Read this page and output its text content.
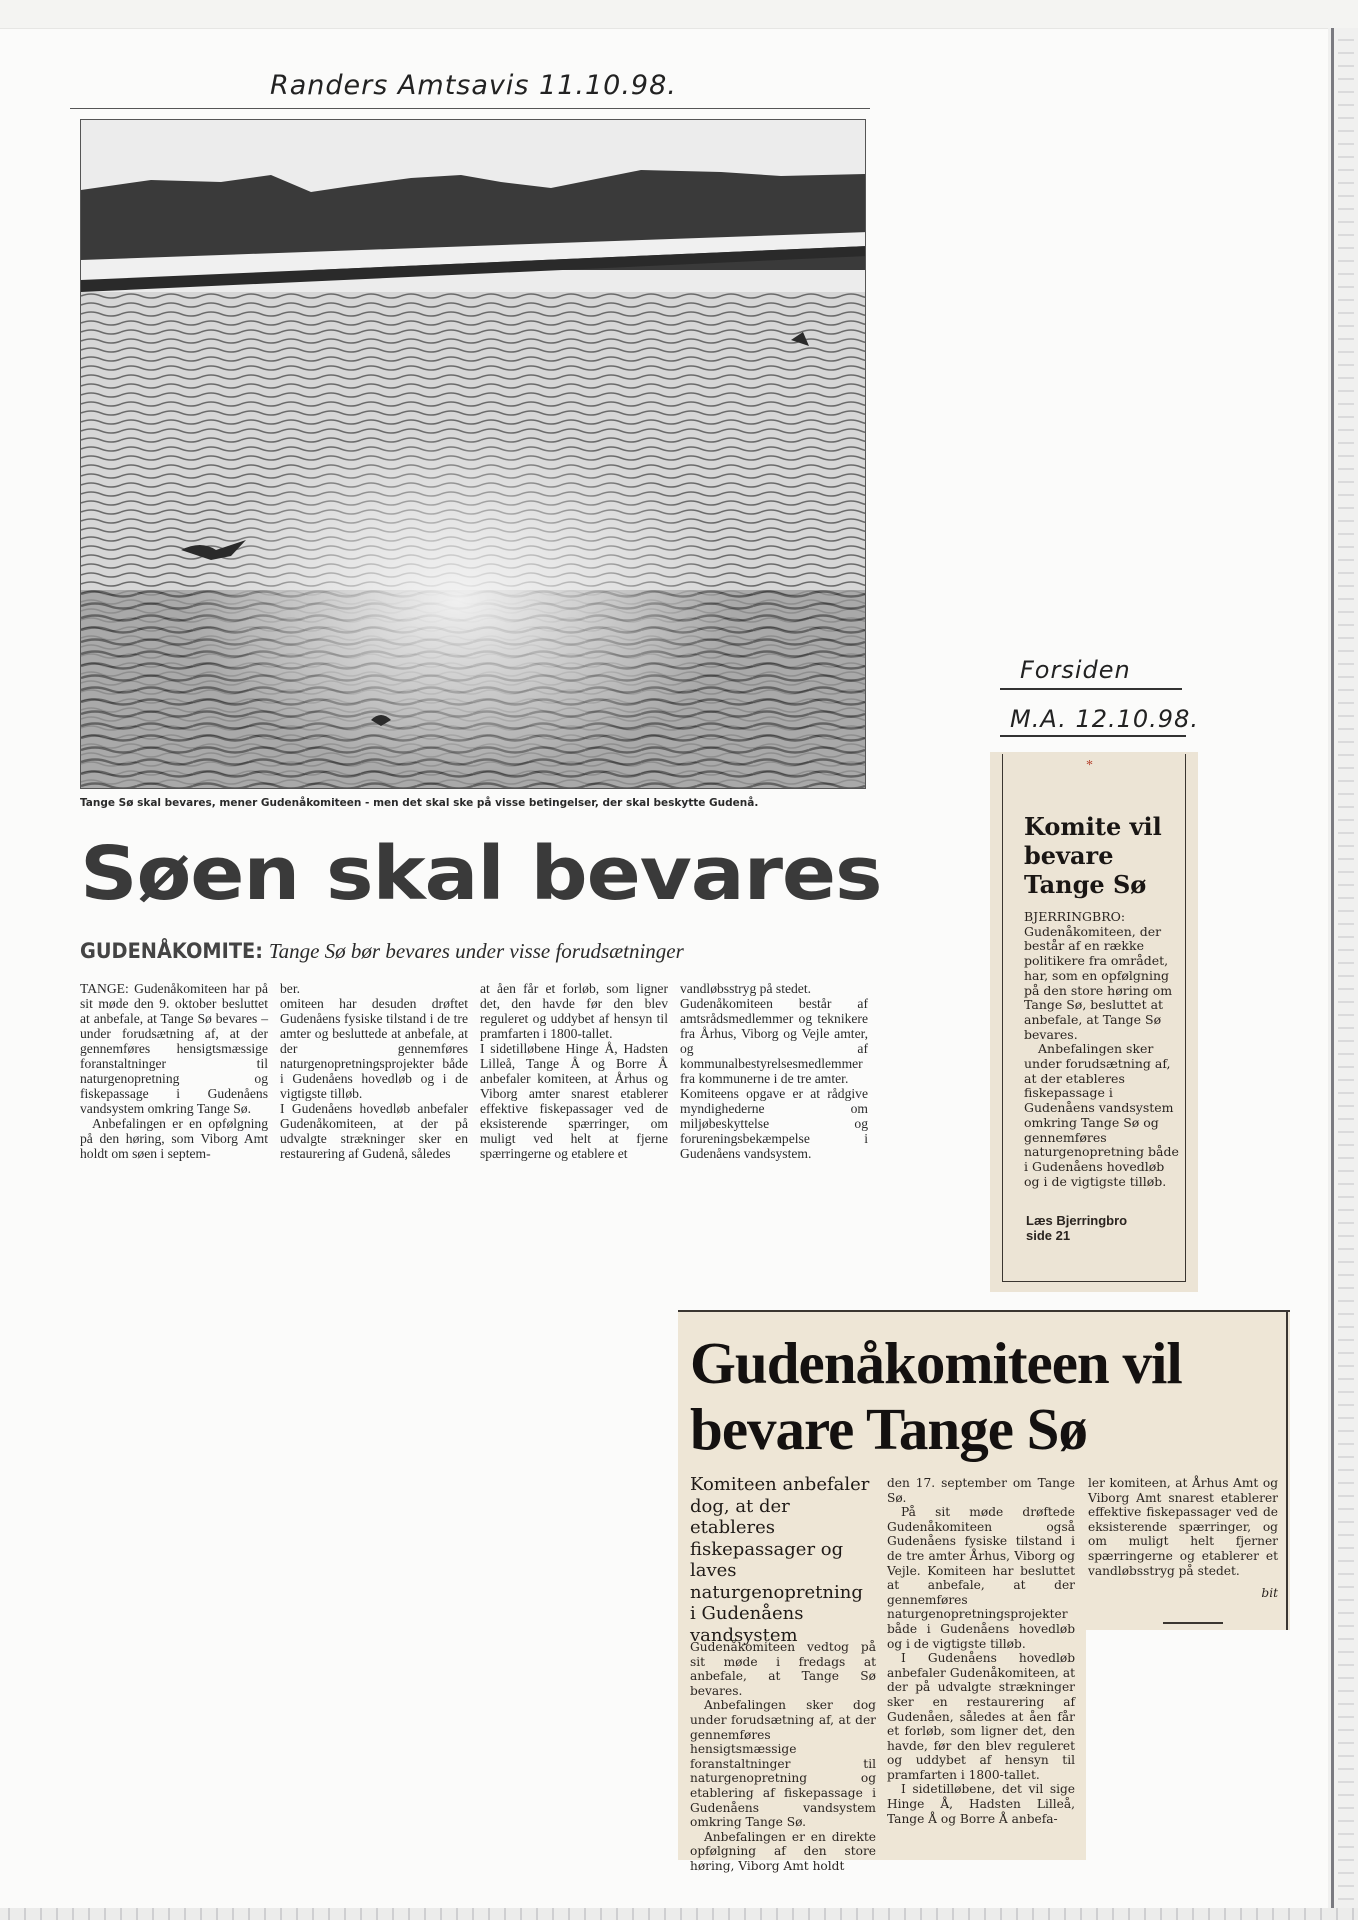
Randers Amtsavis 11.10.98.
Forsiden
M.A. 12.10.98.
Tange Sø skal bevares, mener Gudenåkomiteen - men det skal ske på visse betingelser, der skal beskytte Gudenå.
Søen skal bevares
GUDENÅKOMITE: Tange Sø bør bevares under visse forudsætninger

TANGE: Gudenåkomiteen har på sit møde den 9. oktober besluttet at anbefale, at Tange Sø bevares – under forudsætning af, at der gennemføres hensigtsmæssige foranstaltninger til naturgenopretning og fiskepassage i Gudenåens vandsystem omkring Tange Sø.

Anbefalingen er en opfølgning på den høring, som Viborg Amt holdt om søen i septem-

ber.

omiteen har desuden drøftet Gudenåens fysiske tilstand i de tre amter og besluttede at anbefale, at der gennemføres naturgenopretningsprojekter både i Gudenåens hovedløb og i de vigtigste tilløb.

I Gudenåens hovedløb anbefaler Gudenåkomiteen, at der på udvalgte strækninger sker en restaurering af Gudenå, således

at åen får et forløb, som ligner det, den havde før den blev reguleret og uddybet af hensyn til pramfarten i 1800-tallet.

I sidetilløbene Hinge Å, Hadsten Lilleå, Tange Å og Borre Å anbefaler komiteen, at Århus og Viborg amter snarest etablerer effektive fiskepassager ved de eksisterende spærringer, om muligt ved helt at fjerne spærringerne og etablere et

vandløbsstryg på stedet.

Gudenåkomiteen består af amtsrådsmedlemmer og teknikere fra Århus, Viborg og Vejle amter, og af kommunalbestyrelsesmedlemmer fra kommunerne i de tre amter.

Komiteens opgave er at rådgive myndighederne om miljøbeskyttelse og forureningsbekæmpelse i Gudenåens vandsystem.

*
Komite vil bevare Tange Sø

BJERRINGBRO: Gudenåkomiteen, der består af en række politikere fra området, har, som en opfølgning på den store høring om Tange Sø, besluttet at anbefale, at Tange Sø bevares.

Anbefalingen sker under forudsætning af, at der etableres fiskepassage i Gudenåens vandsystem omkring Tange Sø og gennemføres naturgenopretning både i Gudenåens hovedløb og i de vigtigste tilløb.

Læs Bjerringbro side 21
Gudenåkomiteen vil bevare Tange Sø
Komiteen anbefaler dog, at der etableres fiskepassager og laves naturgenopretning i Gudenåens vandsystem

Gudenåkomiteen vedtog på sit møde i fredags at anbefale, at Tange Sø bevares.

Anbefalingen sker dog under forudsætning af, at der gennemføres hensigtsmæssige foranstaltninger til naturgenopretning og etablering af fiskepassage i Gudenåens vandsystem omkring Tange Sø.

Anbefalingen er en direkte opfølgning af den store høring, Viborg Amt holdt

den 17. september om Tange Sø.

På sit møde drøftede Gudenåkomiteen også Gudenåens fysiske tilstand i de tre amter Århus, Viborg og Vejle. Komiteen har besluttet at anbefale, at der gennemføres naturgenopretningsprojekter både i Gudenåens hovedløb og i de vigtigste tilløb.

I Gudenåens hovedløb anbefaler Gudenåkomiteen, at der på udvalgte strækninger sker en restaurering af Gudenåen, således at åen får et forløb, som ligner det, den havde, før den blev reguleret og uddybet af hensyn til pramfarten i 1800-tallet.

I sidetilløbene, det vil sige Hinge Å, Hadsten Lilleå, Tange Å og Borre Å anbefa-

ler komiteen, at Århus Amt og Viborg Amt snarest etablerer effektive fiskepassager ved de eksisterende spærringer, og om muligt helt fjerner spærringerne og etablerer et vandløbsstryg på stedet.

bit
